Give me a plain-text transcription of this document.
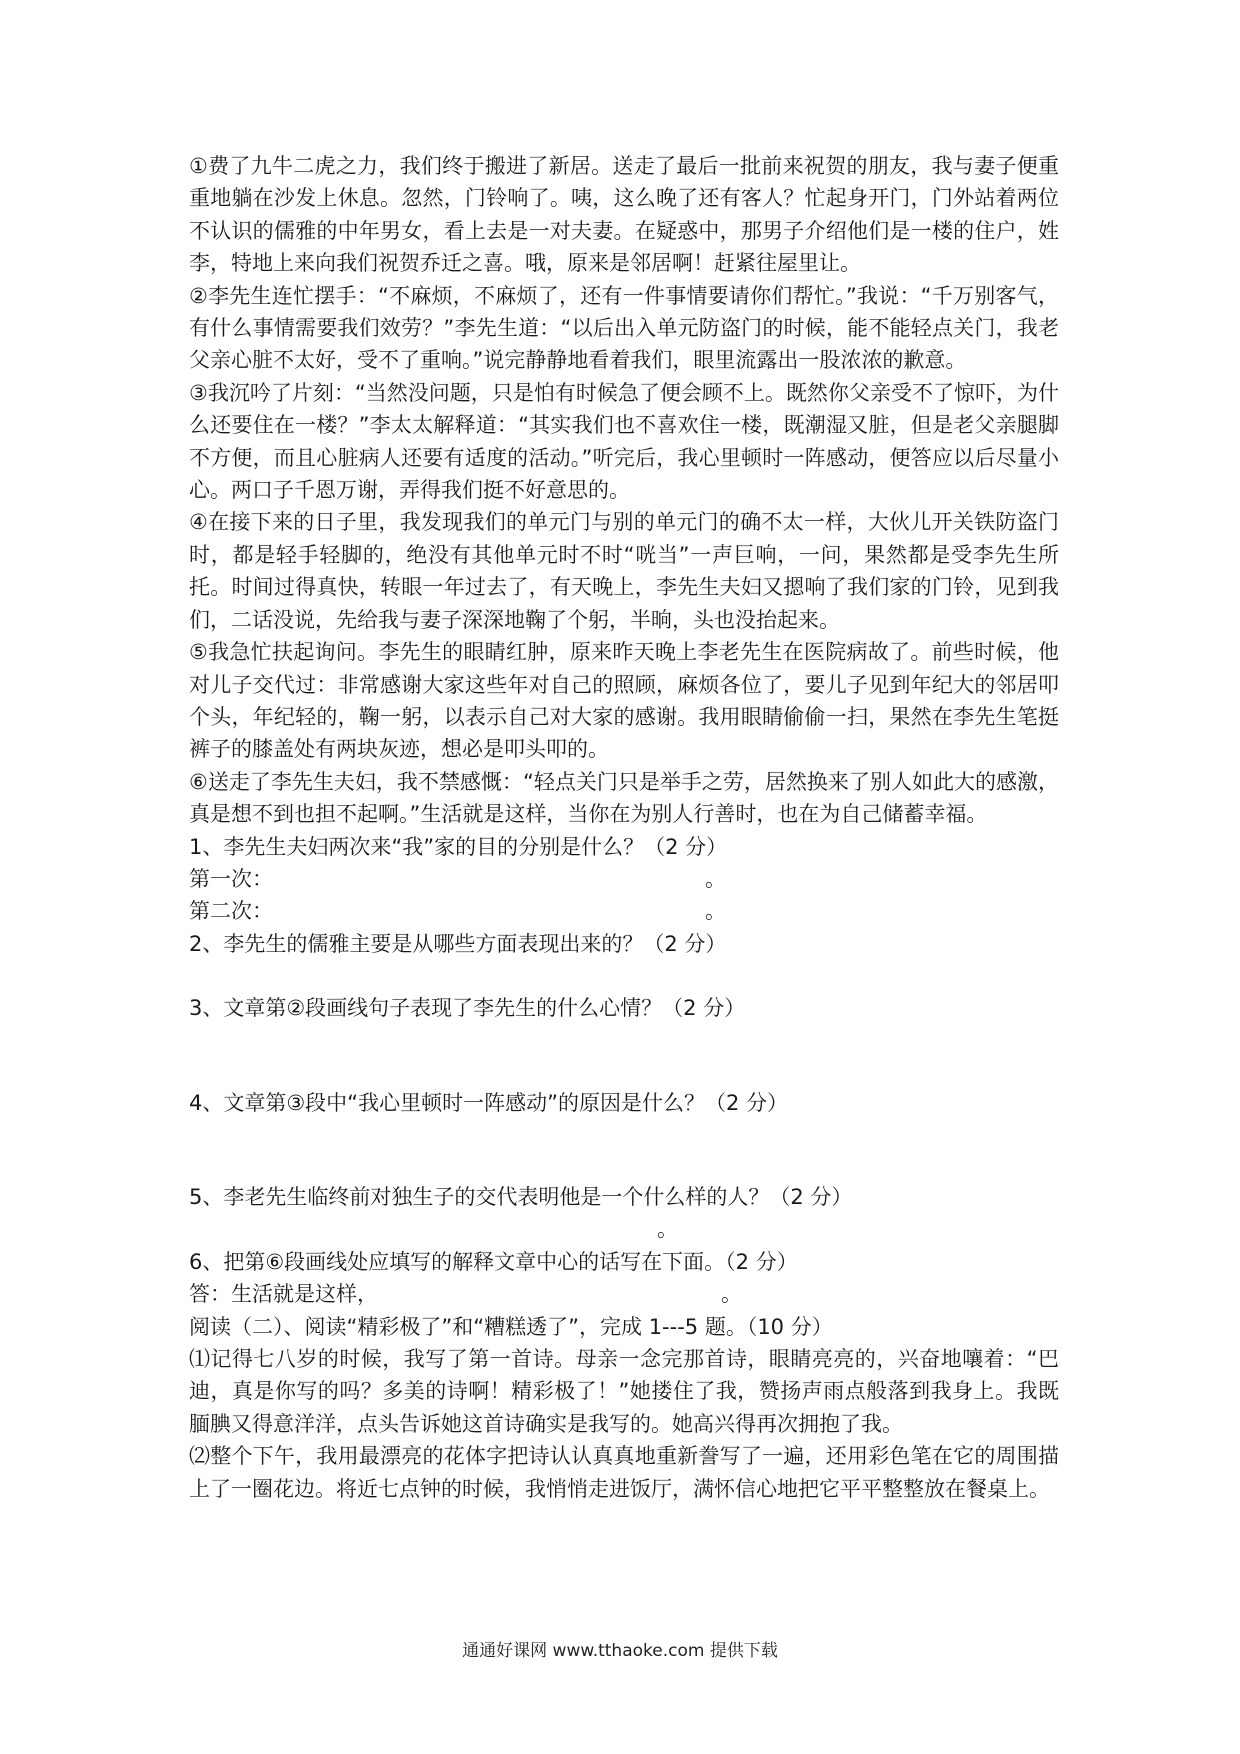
①费了九牛二虎之力，我们终于搬进了新居。送走了最后一批前来祝贺的朋友，我与妻子便重重地躺在沙发上休息。忽然，门铃响了。咦，这么晚了还有客人？忙起身开门，门外站着两位不认识的儒雅的中年男女，看上去是一对夫妻。在疑惑中，那男子介绍他们是一楼的住户，姓李，特地上来向我们祝贺乔迁之喜。哦，原来是邻居啊！赶紧往屋里让。

②李先生连忙摆手：“不麻烦，不麻烦了，还有一件事情要请你们帮忙。”我说：“千万别客气，有什么事情需要我们效劳？”李先生道：“以后出入单元防盗门的时候，能不能轻点关门，我老父亲心脏不太好，受不了重响。”说完静静地看着我们，眼里流露出一股浓浓的歉意。

③我沉吟了片刻：“当然没问题，只是怕有时候急了便会顾不上。既然你父亲受不了惊吓，为什么还要住在一楼？”李太太解释道：“其实我们也不喜欢住一楼，既潮湿又脏，但是老父亲腿脚不方便，而且心脏病人还要有适度的活动。”听完后，我心里顿时一阵感动，便答应以后尽量小心。两口子千恩万谢，弄得我们挺不好意思的。

④在接下来的日子里，我发现我们的单元门与别的单元门的确不太一样，大伙儿开关铁防盗门时，都是轻手轻脚的，绝没有其他单元时不时“咣当”一声巨响，一问，果然都是受李先生所托。时间过得真快，转眼一年过去了，有天晚上，李先生夫妇又摁响了我们家的门铃，见到我们，二话没说，先给我与妻子深深地鞠了个躬，半晌，头也没抬起来。

⑤我急忙扶起询问。李先生的眼睛红肿，原来昨天晚上李老先生在医院病故了。前些时候，他对儿子交代过：非常感谢大家这些年对自己的照顾，麻烦各位了，要儿子见到年纪大的邻居叩个头，年纪轻的，鞠一躬，以表示自己对大家的感谢。我用眼睛偷偷一扫，果然在李先生笔挺裤子的膝盖处有两块灰迹，想必是叩头叩的。

⑥送走了李先生夫妇，我不禁感慨：“轻点关门只是举手之劳，居然换来了别人如此大的感激，真是想不到也担不起啊。”生活就是这样，当你在为别人行善时，也在为自己储蓄幸福。

1、李先生夫妇两次来“我”家的目的分别是什么？（2 分）

第一次：	。
第二次：	。

2、李先生的儒雅主要是从哪些方面表现出来的？（2 分）

3、文章第②段画线句子表现了李先生的什么心情？（2 分）

4、文章第③段中“我心里顿时一阵感动”的原因是什么？（2 分）

5、李老先生临终前对独生子的交代表明他是一个什么样的人？（2 分）

。

6、把第⑥段画线处应填写的解释文章中心的话写在下面。（2 分）

答：生活就是这样，	。

阅读（二）、阅读“精彩极了”和“糟糕透了”，完成 1---5 题。（10 分）

⑴记得七八岁的时候，我写了第一首诗。母亲一念完那首诗，眼睛亮亮的，兴奋地嚷着：“巴迪，真是你写的吗？多美的诗啊！精彩极了！”她搂住了我，赞扬声雨点般落到我身上。我既腼腆又得意洋洋，点头告诉她这首诗确实是我写的。她高兴得再次拥抱了我。

⑵整个下午，我用最漂亮的花体字把诗认认真真地重新誊写了一遍，还用彩色笔在它的周围描上了一圈花边。将近七点钟的时候，我悄悄走进饭厅，满怀信心地把它平平整整放在餐桌上。

通通好课网 www.tthaoke.com 提供下载
